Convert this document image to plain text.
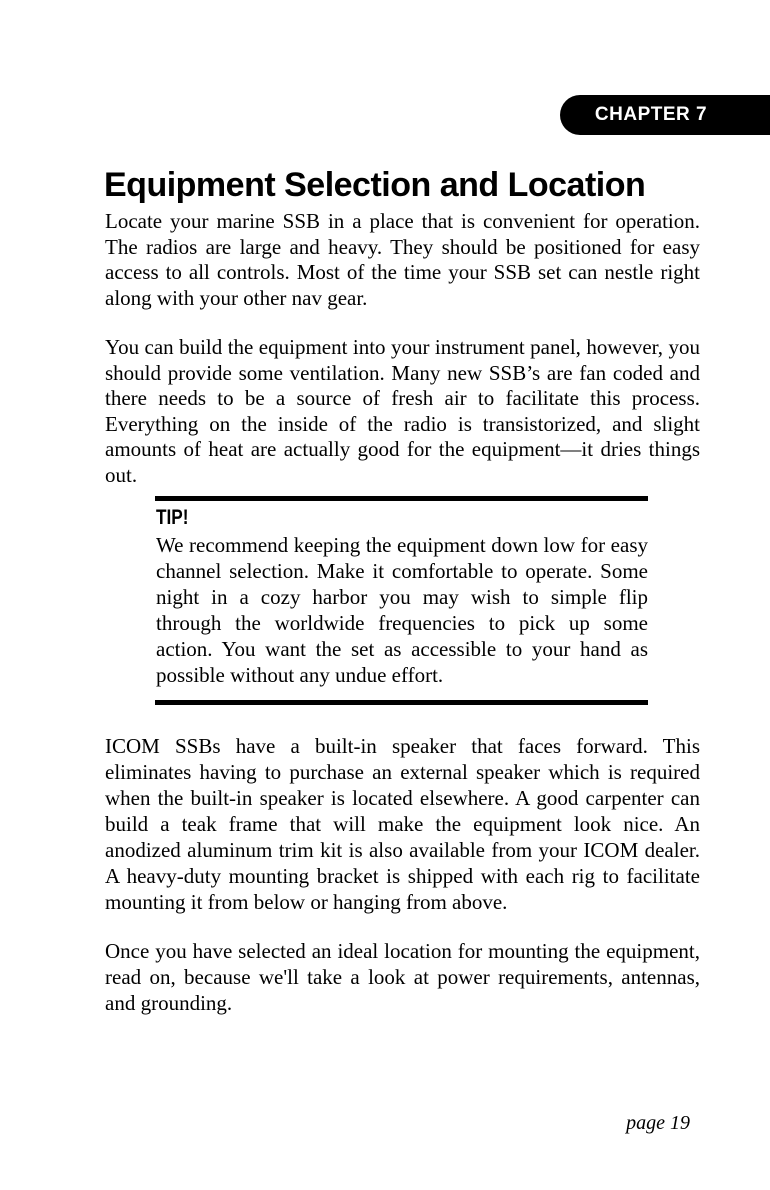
CHAPTER 7
Equipment Selection and Location

Locate your marine SSB in a place that is convenient for operation. The radios are large and heavy. They should be positioned for easy access to all controls. Most of the time your SSB set can nestle right along with your other nav gear.

You can build the equipment into your instrument panel, however, you should provide some ventilation. Many new SSB’s are fan coded and there needs to be a source of fresh air to facilitate this process. Everything on the inside of the radio is transistorized, and slight amounts of heat are actually good for the equipment—it dries things out.

TIP!

We recommend keeping the equipment down low for easy channel selection. Make it comfortable to operate. Some night in a cozy harbor you may wish to simple flip through the worldwide frequencies to pick up some action. You want the set as accessible to your hand as possible without any undue effort.

ICOM SSBs have a built-in speaker that faces forward. This eliminates having to purchase an external speaker which is required when the built-in speaker is located elsewhere. A good carpenter can build a teak frame that will make the equipment look nice. An anodized aluminum trim kit is also available from your ICOM dealer. A heavy-duty mounting bracket is shipped with each rig to facilitate mounting it from below or hanging from above.

Once you have selected an ideal location for mounting the equipment, read on, because we'll take a look at power requirements, antennas, and grounding.

page 19
